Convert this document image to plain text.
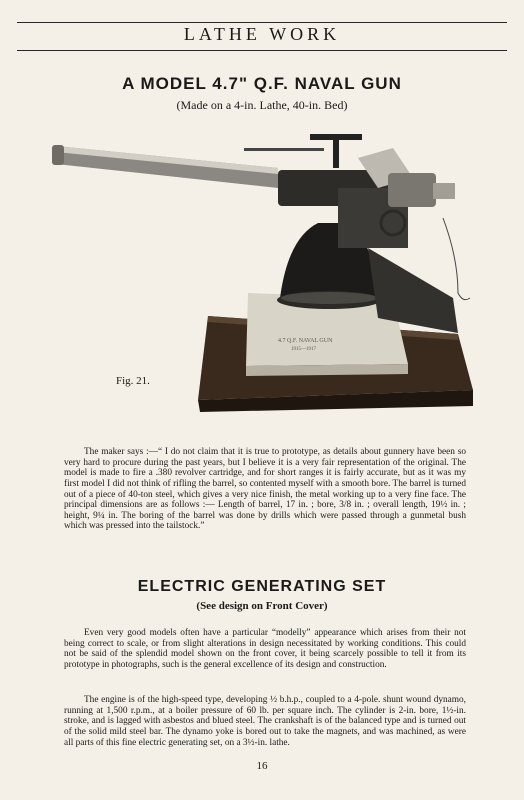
LATHE WORK
A MODEL 4.7" Q.F. NAVAL GUN
(Made on a 4-in. Lathe, 40-in. Bed)
4.7 Q.F. NAVAL GUN
1915—1917
Fig. 21.

The maker says :—“ I do not claim that it is true to prototype, as details about gunnery have been so very hard to procure during the past years, but I believe it is a very fair representation of the original. The model is made to fire a .380 revolver cartridge, and for short ranges it is fairly accurate, but as it was my first model I did not think of rifling the barrel, so contented myself with a smooth bore. The barrel is turned out of a piece of 40-ton steel, which gives a very nice finish, the metal working up to a very fine face. The principal dimensions are as follows :— Length of barrel, 17 in. ; bore, 3/8 in. ; overall length, 19½ in. ; height, 9¼ in. The boring of the barrel was done by drills which were passed through a gunmetal bush which was pressed into the tailstock.”

ELECTRIC GENERATING SET
(See design on Front Cover)

Even very good models often have a particular “modelly” appearance which arises from their not being correct to scale, or from slight alterations in design necessitated by working conditions. This could not be said of the splendid model shown on the front cover, it being scarcely possible to tell it from its prototype in photographs, such is the general excellence of its design and construction.

The engine is of the high-speed type, developing ½ b.h.p., coupled to a 4-pole. shunt wound dynamo, running at 1,500 r.p.m., at a boiler pressure of 60 lb. per square inch. The cylinder is 2-in. bore, 1½-in. stroke, and is lagged with asbestos and blued steel. The crankshaft is of the balanced type and is turned out of the solid mild steel bar. The dynamo yoke is bored out to take the magnets, and was machined, as were all parts of this fine electric generating set, on a 3½-in. lathe.

16
